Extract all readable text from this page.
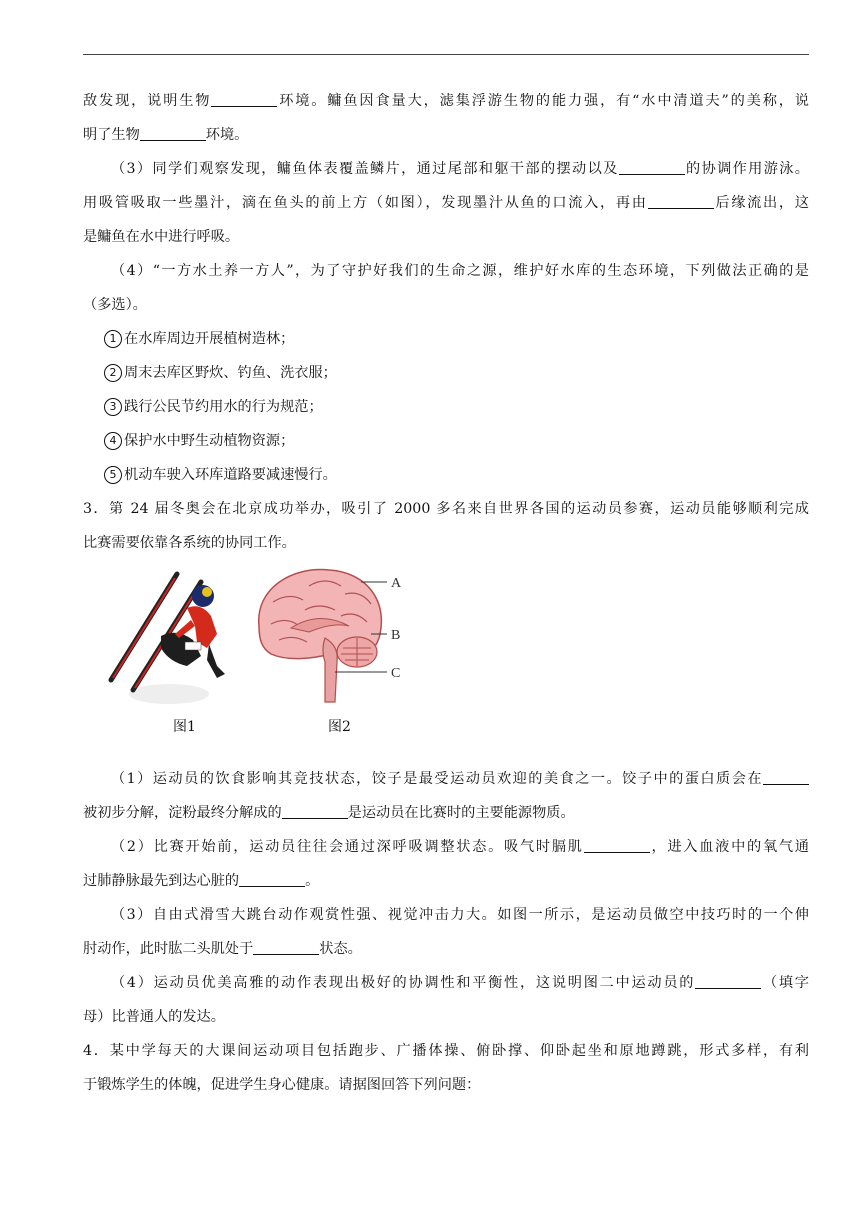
敌发现，说明生物	环境。鳙鱼因食量大，滤集浮游生物的能力强，有“水中清道夫”的美称，说
明了生物	环境。
（3）同学们观察发现，鳙鱼体表覆盖鳞片，通过尾部和躯干部的摆动以及	的协调作用游泳。
用吸管吸取一些墨汁，滴在鱼头的前上方（如图），发现墨汁从鱼的口流入，再由	后缘流出，这
是鳙鱼在水中进行呼吸。
（4）“一方水土养一方人”，为了守护好我们的生命之源，维护好水库的生态环境，下列做法正确的是
（多选）。
1 在水库周边开展植树造林；
2 周末去库区野炊、钓鱼、洗衣服；
3 践行公民节约用水的行为规范；
4 保护水中野生动植物资源；
5 机动车驶入环库道路要减速慢行。
3．第 24 届冬奥会在北京成功举办，吸引了 2000 多名来自世界各国的运动员参赛，运动员能够顺利完成
比赛需要依靠各系统的协同工作。
A
B
C
图1	图2
（1）运动员的饮食影响其竞技状态，饺子是最受运动员欢迎的美食之一。饺子中的蛋白质会在
被初步分解，淀粉最终分解成的	是运动员在比赛时的主要能源物质。
（2）比赛开始前，运动员往往会通过深呼吸调整状态。吸气时膈肌	，进入血液中的氧气通
过肺静脉最先到达心脏的	。
（3）自由式滑雪大跳台动作观赏性强、视觉冲击力大。如图一所示，是运动员做空中技巧时的一个伸
肘动作，此时肱二头肌处于	状态。
（4）运动员优美高雅的动作表现出极好的协调性和平衡性，这说明图二中运动员的	（填字
母）比普通人的发达。
4．某中学每天的大课间运动项目包括跑步、广播体操、俯卧撑、仰卧起坐和原地蹲跳，形式多样，有利
于锻炼学生的体魄，促进学生身心健康。请据图回答下列问题：
